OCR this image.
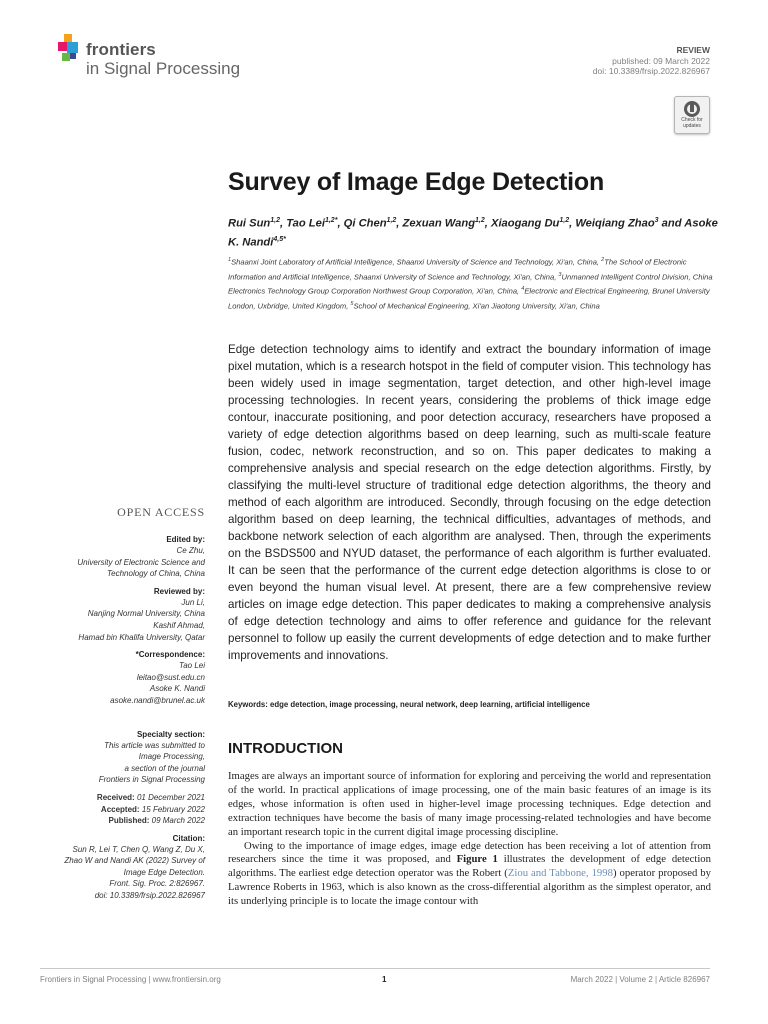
frontiers
in Signal Processing
REVIEW
published: 09 March 2022
doi: 10.3389/frsip.2022.826967
Check for
updates
Survey of Image Edge Detection
Rui Sun$^{1,2}$, Tao Lei$^{1,2*}$, Qi Chen$^{1,2}$, Zexuan Wang$^{1,2}$, Xiaogang Du$^{1,2}$, Weiqiang Zhao$^3$ and Asoke K. Nandi$^{4,5*}$
$^1$Shaanxi Joint Laboratory of Artificial Intelligence, Shaanxi University of Science and Technology, Xi'an, China, $^2$The School of Electronic Information and Artificial Intelligence, Shaanxi University of Science and Technology, Xi'an, China, $^3$Unmanned Intelligent Control Division, China Electronics Technology Group Corporation Northwest Group Corporation, Xi'an, China, $^4$Electronic and Electrical Engineering, Brunel University London, Uxbridge, United Kingdom, $^5$School of Mechanical Engineering, Xi'an Jiaotong University, Xi'an, China
Edge detection technology aims to identify and extract the boundary information of image pixel mutation, which is a research hotspot in the field of computer vision. This technology has been widely used in image segmentation, target detection, and other high-level image processing technologies. In recent years, considering the problems of thick image edge contour, inaccurate positioning, and poor detection accuracy, researchers have proposed a variety of edge detection algorithms based on deep learning, such as multi-scale feature fusion, codec, network reconstruction, and so on. This paper dedicates to making a comprehensive analysis and special research on the edge detection algorithms. Firstly, by classifying the multi-level structure of traditional edge detection algorithms, the theory and method of each algorithm are introduced. Secondly, through focusing on the edge detection algorithm based on deep learning, the technical difficulties, advantages of methods, and backbone network selection of each algorithm are analysed. Then, through the experiments on the BSDS500 and NYUD dataset, the performance of each algorithm is further evaluated. It can be seen that the performance of the current edge detection algorithms is close to or even beyond the human visual level. At present, there are a few comprehensive review articles on image edge detection. This paper dedicates to making a comprehensive analysis of edge detection technology and aims to offer reference and guidance for the relevant personnel to follow up easily the current developments of edge detection and to make further improvements and innovations.
Keywords: edge detection, image processing, neural network, deep learning, artificial intelligence
OPEN ACCESS
Edited by:
Ce Zhu,
University of Electronic Science and
Technology of China, China
Reviewed by:
Jun Li,
Nanjing Normal University, China
Kashif Ahmad,
Hamad bin Khalifa University, Qatar
*Correspondence:
Tao Lei
leitao@sust.edu.cn
Asoke K. Nandi
asoke.nandi@brunel.ac.uk
Specialty section:
This article was submitted to
Image Processing,
a section of the journal
Frontiers in Signal Processing
Received: 01 December 2021
Accepted: 15 February 2022
Published: 09 March 2022
Citation:
Sun R, Lei T, Chen Q, Wang Z, Du X,
Zhao W and Nandi AK (2022) Survey of
Image Edge Detection.
Front. Sig. Proc. 2:826967.
doi: 10.3389/frsip.2022.826967
INTRODUCTION

Images are always an important source of information for exploring and perceiving the world and representation of the world. In practical applications of image processing, one of the main basic features of an image is its edges, whose information is often used in higher-level image processing techniques. Edge detection and extraction techniques have become the basis of many image processing-related technologies and have become an important research topic in the current digital image processing discipline.

Owing to the importance of image edges, image edge detection has been receiving a lot of attention from researchers since the time it was proposed, and Figure 1 illustrates the development of edge detection algorithms. The earliest edge detection operator was the Robert (Ziou and Tabbone, 1998) operator proposed by Lawrence Roberts in 1963, which is also known as the cross-differential algorithm as the simplest operator, and its underlying principle is to locate the image contour with

Frontiers in Signal Processing | www.frontiersin.org	1	March 2022 | Volume 2 | Article 826967
